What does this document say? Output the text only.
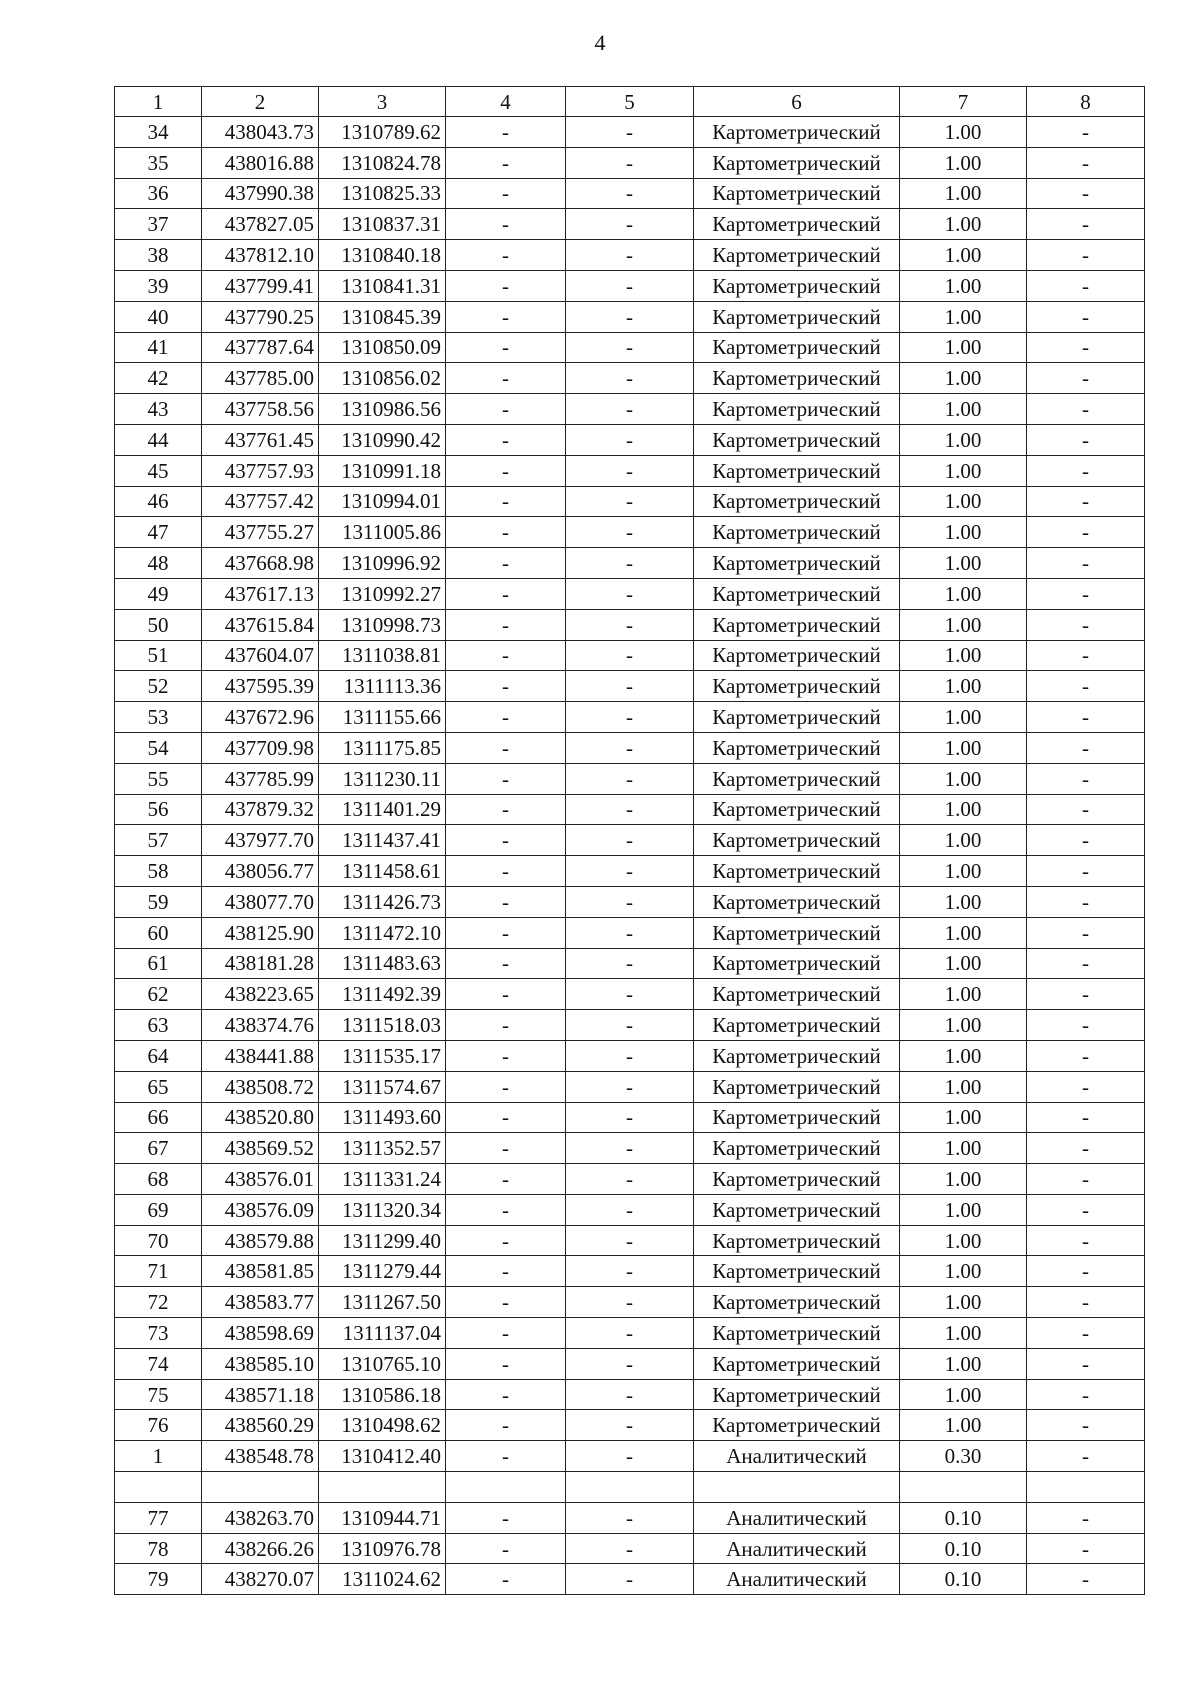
4
1	2	3	4	5	6	7	8
34	438043.73	1310789.62	-	-	Картометрический	1.00	-
35	438016.88	1310824.78	-	-	Картометрический	1.00	-
36	437990.38	1310825.33	-	-	Картометрический	1.00	-
37	437827.05	1310837.31	-	-	Картометрический	1.00	-
38	437812.10	1310840.18	-	-	Картометрический	1.00	-
39	437799.41	1310841.31	-	-	Картометрический	1.00	-
40	437790.25	1310845.39	-	-	Картометрический	1.00	-
41	437787.64	1310850.09	-	-	Картометрический	1.00	-
42	437785.00	1310856.02	-	-	Картометрический	1.00	-
43	437758.56	1310986.56	-	-	Картометрический	1.00	-
44	437761.45	1310990.42	-	-	Картометрический	1.00	-
45	437757.93	1310991.18	-	-	Картометрический	1.00	-
46	437757.42	1310994.01	-	-	Картометрический	1.00	-
47	437755.27	1311005.86	-	-	Картометрический	1.00	-
48	437668.98	1310996.92	-	-	Картометрический	1.00	-
49	437617.13	1310992.27	-	-	Картометрический	1.00	-
50	437615.84	1310998.73	-	-	Картометрический	1.00	-
51	437604.07	1311038.81	-	-	Картометрический	1.00	-
52	437595.39	1311113.36	-	-	Картометрический	1.00	-
53	437672.96	1311155.66	-	-	Картометрический	1.00	-
54	437709.98	1311175.85	-	-	Картометрический	1.00	-
55	437785.99	1311230.11	-	-	Картометрический	1.00	-
56	437879.32	1311401.29	-	-	Картометрический	1.00	-
57	437977.70	1311437.41	-	-	Картометрический	1.00	-
58	438056.77	1311458.61	-	-	Картометрический	1.00	-
59	438077.70	1311426.73	-	-	Картометрический	1.00	-
60	438125.90	1311472.10	-	-	Картометрический	1.00	-
61	438181.28	1311483.63	-	-	Картометрический	1.00	-
62	438223.65	1311492.39	-	-	Картометрический	1.00	-
63	438374.76	1311518.03	-	-	Картометрический	1.00	-
64	438441.88	1311535.17	-	-	Картометрический	1.00	-
65	438508.72	1311574.67	-	-	Картометрический	1.00	-
66	438520.80	1311493.60	-	-	Картометрический	1.00	-
67	438569.52	1311352.57	-	-	Картометрический	1.00	-
68	438576.01	1311331.24	-	-	Картометрический	1.00	-
69	438576.09	1311320.34	-	-	Картометрический	1.00	-
70	438579.88	1311299.40	-	-	Картометрический	1.00	-
71	438581.85	1311279.44	-	-	Картометрический	1.00	-
72	438583.77	1311267.50	-	-	Картометрический	1.00	-
73	438598.69	1311137.04	-	-	Картометрический	1.00	-
74	438585.10	1310765.10	-	-	Картометрический	1.00	-
75	438571.18	1310586.18	-	-	Картометрический	1.00	-
76	438560.29	1310498.62	-	-	Картометрический	1.00	-
1	438548.78	1310412.40	-	-	Аналитический	0.30	-

77	438263.70	1310944.71	-	-	Аналитический	0.10	-
78	438266.26	1310976.78	-	-	Аналитический	0.10	-
79	438270.07	1311024.62	-	-	Аналитический	0.10	-
